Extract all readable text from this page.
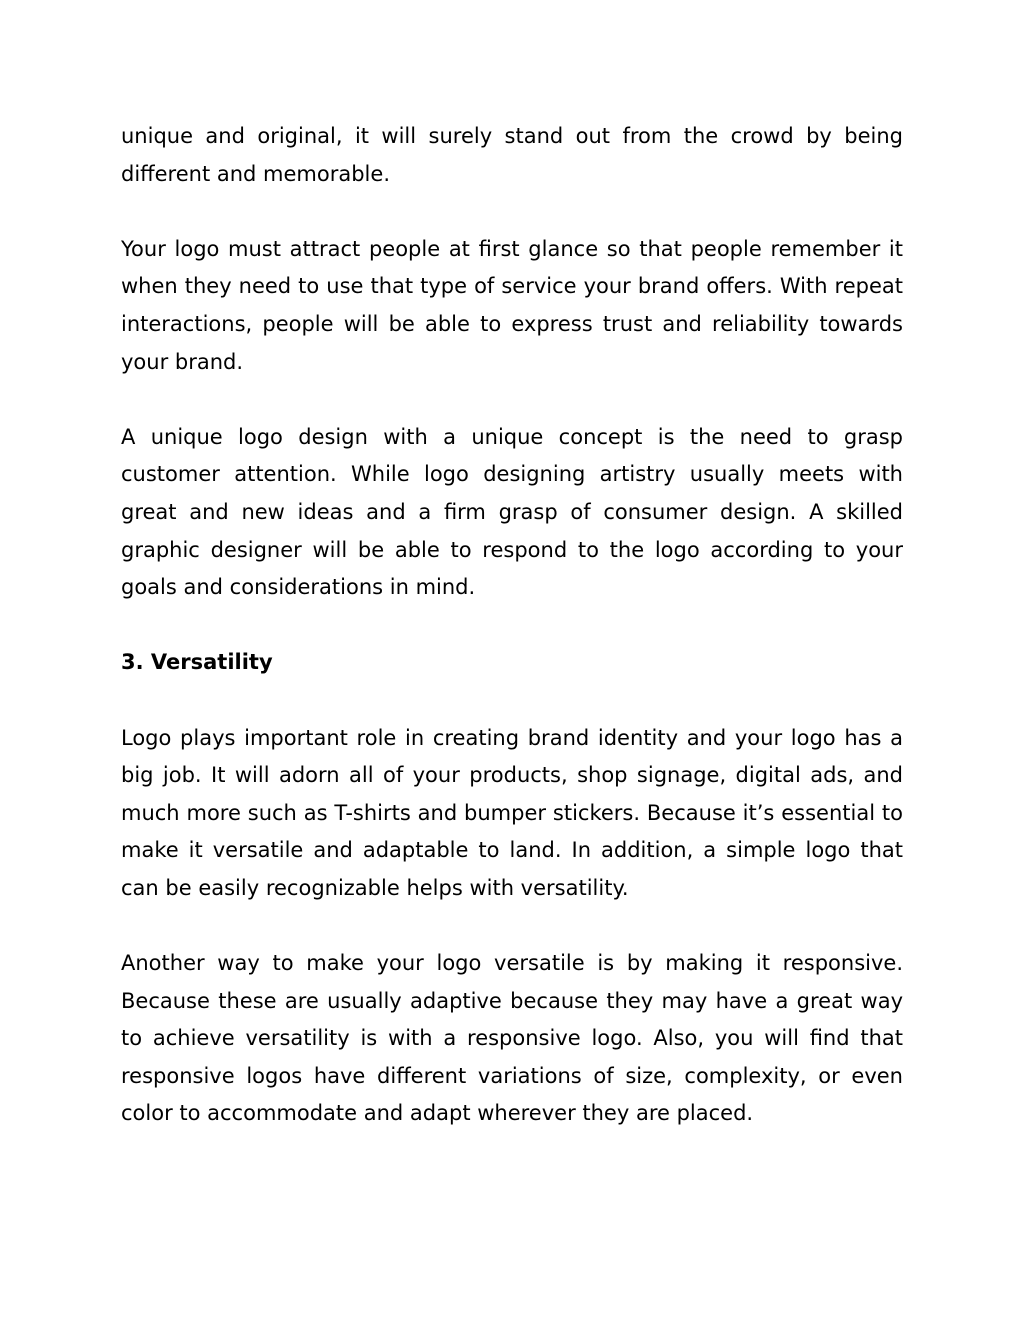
unique and original, it will surely stand out from the crowd by being different and memorable.

Your logo must attract people at first glance so that people remember it when they need to use that type of service your brand offers. With repeat interactions, people will be able to express trust and reliability towards your brand.

A unique logo design with a unique concept is the need to grasp customer attention. While logo designing artistry usually meets with great and new ideas and a firm grasp of consumer design. A skilled graphic designer will be able to respond to the logo according to your goals and considerations in mind.

3. Versatility

Logo plays important role in creating brand identity and your logo has a big job. It will adorn all of your products, shop signage, digital ads, and much more such as T-shirts and bumper stickers. Because it’s essential to make it versatile and adaptable to land. In addition, a simple logo that can be easily recognizable helps with versatility.

Another way to make your logo versatile is by making it responsive. Because these are usually adaptive because they may have a great way to achieve versatility is with a responsive logo. Also, you will find that responsive logos have different variations of size, complexity, or even color to accommodate and adapt wherever they are placed.
